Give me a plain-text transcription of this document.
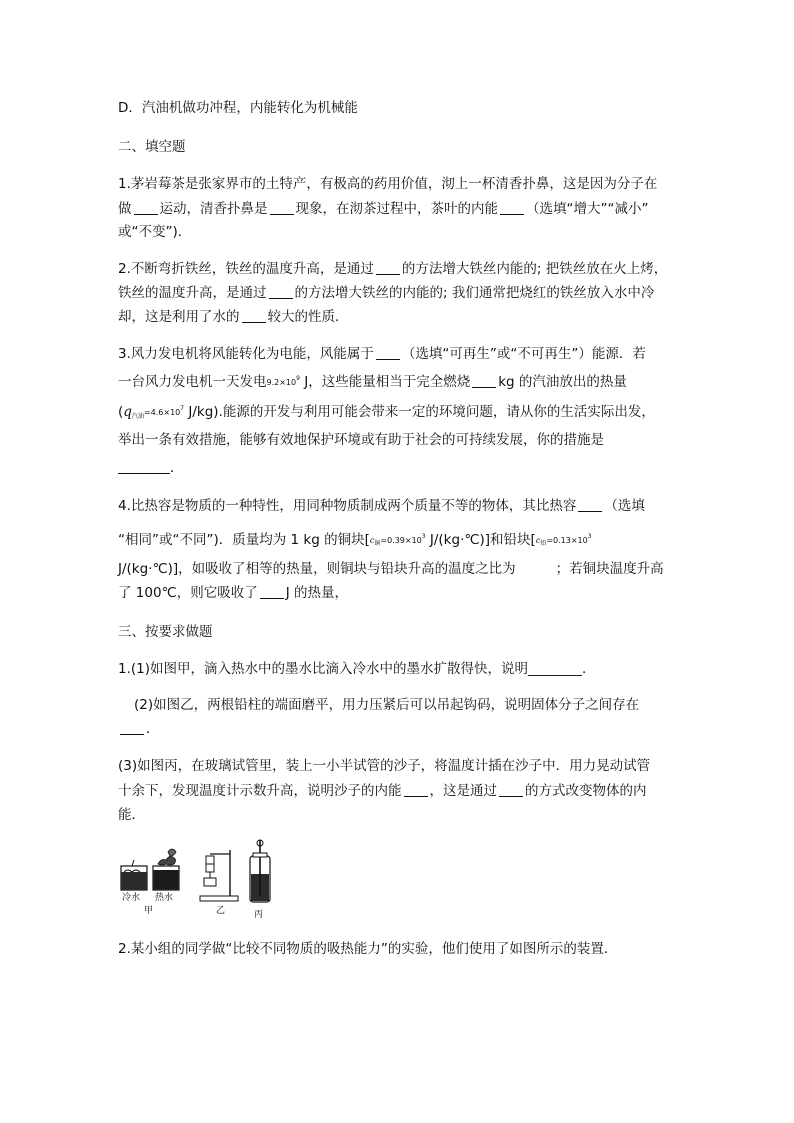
D．汽油机做功冲程，内能转化为机械能
二、填空题
1.茅岩莓茶是张家界市的土特产，有极高的药用价值，沏上一杯清香扑鼻，这是因为分子在
做 运动，清香扑鼻是 现象，在沏茶过程中，茶叶的内能 （选填“增大”“减小”
或“不变”)．
2.不断弯折铁丝，铁丝的温度升高，是通过 的方法增大铁丝内能的; 把铁丝放在火上烤，
铁丝的温度升高，是通过 的方法增大铁丝的内能的; 我们通常把烧红的铁丝放入水中冷
却，这是利用了水的 较大的性质．
3.风力发电机将风能转化为电能，风能属于 （选填“可再生”或“不可再生”）能源．若
一台风力发电机一天发电$9.2\times 10^9$ J，这些能量相当于完全燃烧 kg 的汽油放出的热量
($q_{汽油}=4.6\times 10^7$ J/kg).能源的开发与利用可能会带来一定的环境问题，请从你的生活实际出发，
举出一条有效措施，能够有效地保护环境或有助于社会的可持续发展，你的措施是
．
4.比热容是物质的一种特性，用同种物质制成两个质量不等的物体，其比热容 （选填
“相同”或“不同”)．质量均为 1 kg 的铜块[$c_铜=0.39\times 10^3$ J/(kg·℃)]和铅块[$c_铅=0.13\times 10^3$
J/(kg·℃)]，如吸收了相等的热量，则铜块与铅块升高的温度之比为	；若铜块温度升高
了 100℃，则它吸收了 J 的热量，
三、按要求做题
1.(1)如图甲，滴入热水中的墨水比滴入冷水中的墨水扩散得快，说明________．
(2)如图乙，两根铅柱的端面磨平，用力压紧后可以吊起钩码，说明固体分子之间存在
．
(3)如图丙，在玻璃试管里，装上一小半试管的沙子，将温度计插在沙子中．用力晃动试管
十余下，发现温度计示数升高，说明沙子的内能 ，这是通过 的方式改变物体的内
能．
冷水 热水
甲	乙	丙
2.某小组的同学做“比较不同物质的吸热能力”的实验，他们使用了如图所示的装置．
